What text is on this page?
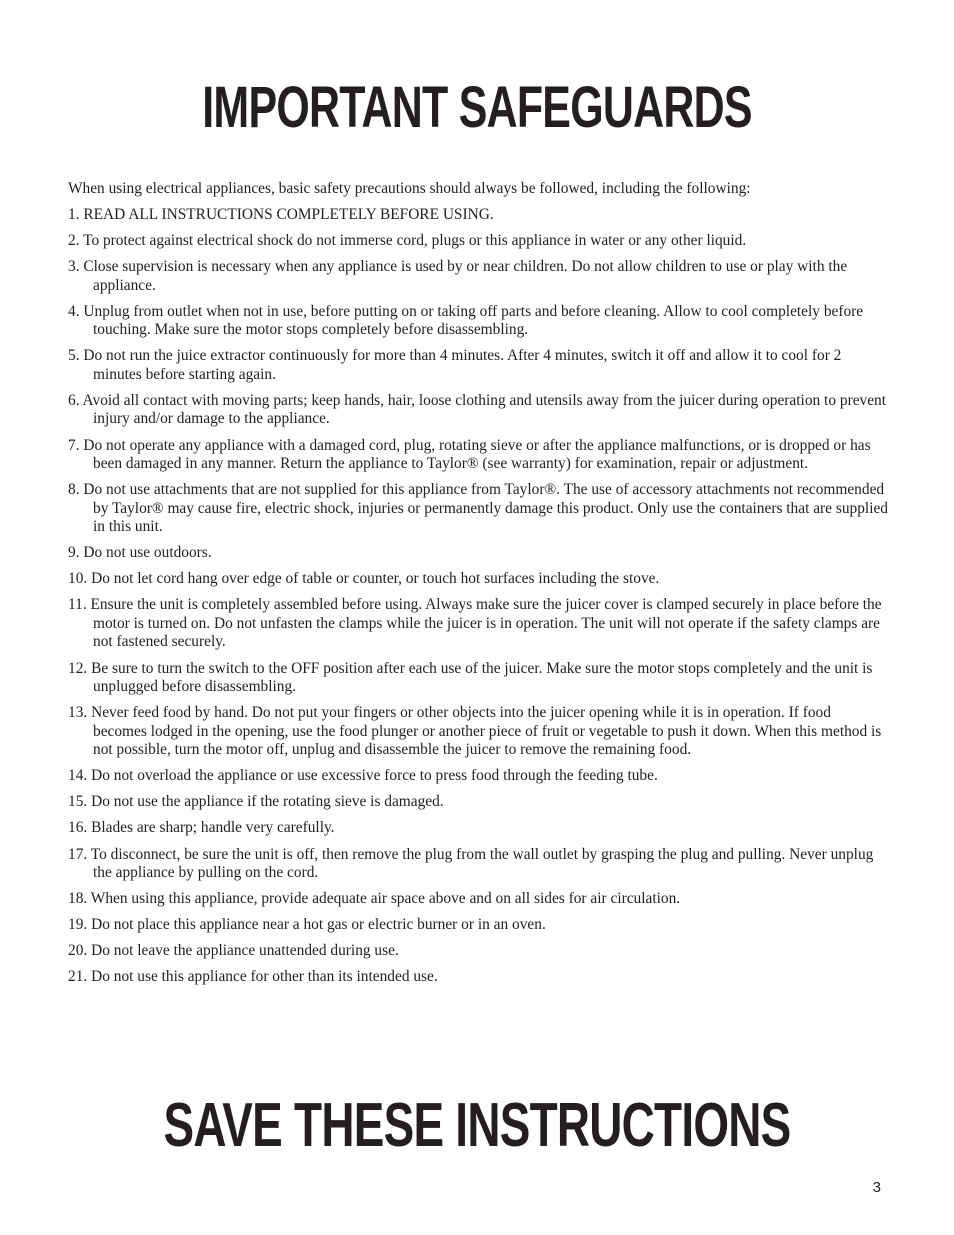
IMPORTANT SAFEGUARDS

When using electrical appliances, basic safety precautions should always be followed, including the following:

1. READ ALL INSTRUCTIONS COMPLETELY BEFORE USING.
2. To protect against electrical shock do not immerse cord, plugs or this appliance in water or any other liquid.
3. Close supervision is necessary when any appliance is used by or near children. Do not allow children to use or play with the appliance.
4. Unplug from outlet when not in use, before putting on or taking off parts and before cleaning. Allow to cool completely before touching. Make sure the motor stops completely before disassembling.
5. Do not run the juice extractor continuously for more than 4 minutes. After 4 minutes, switch it off and allow it to cool for 2 minutes before starting again.
6. Avoid all contact with moving parts; keep hands, hair, loose clothing and utensils away from the juicer during operation to prevent injury and/or damage to the appliance.
7. Do not operate any appliance with a damaged cord, plug, rotating sieve or after the appliance malfunctions, or is dropped or has been damaged in any manner. Return the appliance to Taylor® (see warranty) for examination, repair or adjustment.
8. Do not use attachments that are not supplied for this appliance from Taylor®. The use of accessory attachments not recommended by Taylor® may cause fire, electric shock, injuries or permanently damage this product. Only use the containers that are supplied in this unit.
9. Do not use outdoors.
10. Do not let cord hang over edge of table or counter, or touch hot surfaces including the stove.
11. Ensure the unit is completely assembled before using. Always make sure the juicer cover is clamped securely in place before the motor is turned on. Do not unfasten the clamps while the juicer is in operation. The unit will not operate if the safety clamps are not fastened securely.
12. Be sure to turn the switch to the OFF position after each use of the juicer. Make sure the motor stops completely and the unit is unplugged before disassembling.
13. Never feed food by hand. Do not put your fingers or other objects into the juicer opening while it is in operation. If food becomes lodged in the opening, use the food plunger or another piece of fruit or vegetable to push it down. When this method is not possible, turn the motor off, unplug and disassemble the juicer to remove the remaining food.
14. Do not overload the appliance or use excessive force to press food through the feeding tube.
15. Do not use the appliance if the rotating sieve is damaged.
16. Blades are sharp; handle very carefully.
17. To disconnect, be sure the unit is off, then remove the plug from the wall outlet by grasping the plug and pulling. Never unplug the appliance by pulling on the cord.
18. When using this appliance, provide adequate air space above and on all sides for air circulation.
19. Do not place this appliance near a hot gas or electric burner or in an oven.
20. Do not leave the appliance unattended during use.
21. Do not use this appliance for other than its intended use.
SAVE THESE INSTRUCTIONS

3
